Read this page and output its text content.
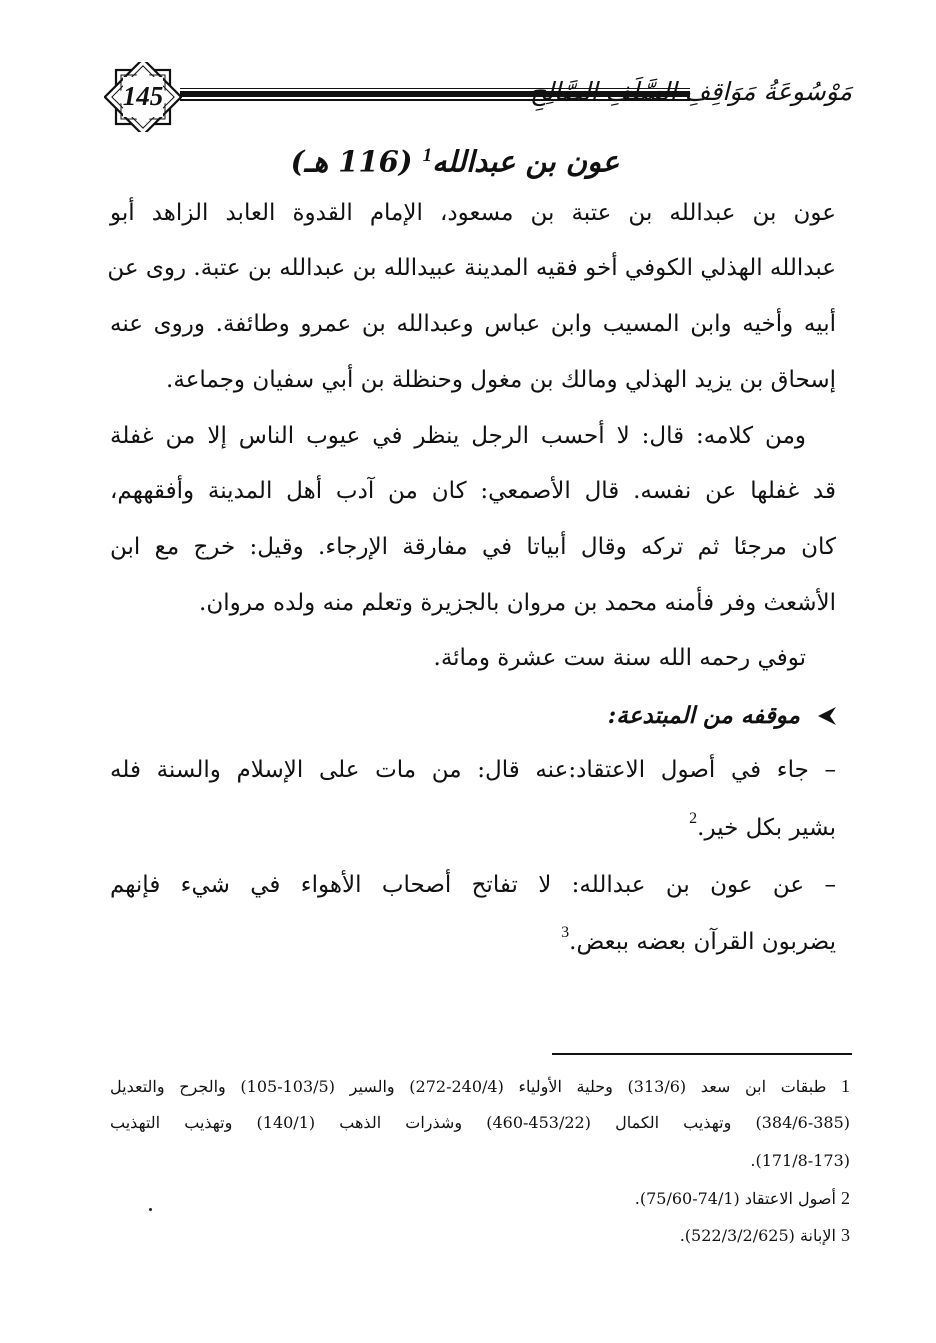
145	مَوْسُوعَةُ مَوَاقِفِ السَّلَفِ الصَّالِحِ
عون بن عبدالله$^1$ (116 هـ)
عون بن عبدالله بن عتبة بن مسعود، الإمام القدوة العابد الزاهد أبو
عبدالله الهذلي الكوفي أخو فقيه المدينة عبيدالله بن عبدالله بن عتبة. روى عن
أبيه وأخيه وابن المسيب وابن عباس وعبدالله بن عمرو وطائفة. وروى عنه
إسحاق بن يزيد الهذلي ومالك بن مغول وحنظلة بن أبي سفيان وجماعة.
ومن كلامه: قال: لا أحسب الرجل ينظر في عيوب الناس إلا من غفلة
قد غفلها عن نفسه. قال الأصمعي: كان من آدب أهل المدينة وأفقههم،
كان مرجئا ثم تركه وقال أبياتا في مفارقة الإرجاء. وقيل: خرج مع ابن
الأشعث وفر فأمنه محمد بن مروان بالجزيرة وتعلم منه ولده مروان.
توفي رحمه الله سنة ست عشرة ومائة.
موقفه من المبتدعة:
– جاء في أصول الاعتقاد:عنه قال: من مات على الإسلام والسنة فله
بشير بكل خير.$^2$
– عن عون بن عبدالله: لا تفاتح أصحاب الأهواء في شيء فإنهم
يضربون القرآن بعضه ببعض.$^3$
1 طبقات ابن سعد (313/6) وحلية الأولياء (240/4-272) والسير (103/5-105) والجرح والتعديل
(384/6-385) وتهذيب الكمال (453/22-460) وشذرات الذهب (140/1) وتهذيب التهذيب
(171/8-173).
2 أصول الاعتقاد (74/1-75/60).
3 الإبانة (522/3/2/625).
